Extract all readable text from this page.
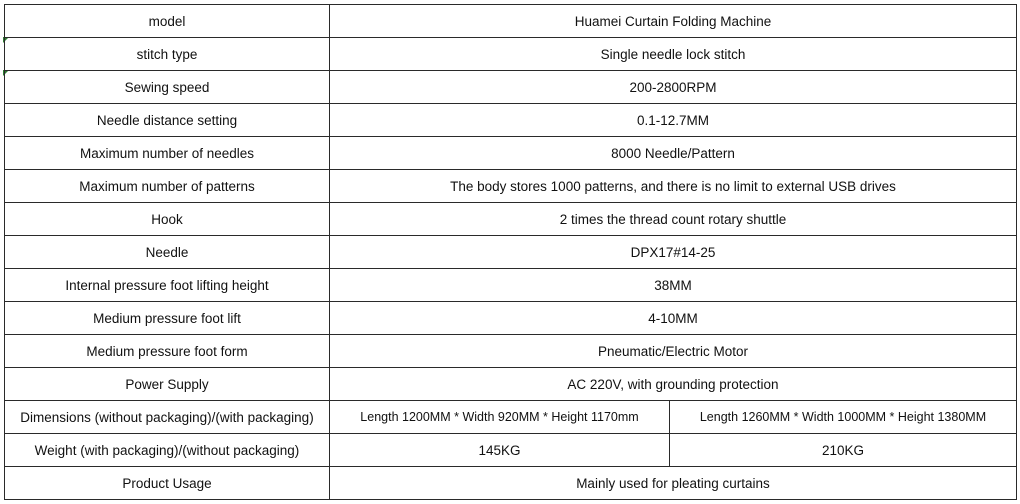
model	Huamei Curtain Folding Machine	
stitch type	Single needle lock stitch	
Sewing speed	200-2800RPM	
Needle distance setting	0.1-12.7MM	
Maximum number of needles	8000 Needle/Pattern	
Maximum number of patterns	The body stores 1000 patterns, and there is no limit to external USB drives	
Hook	2 times the thread count rotary shuttle	
Needle	DPX17#14-25	
Internal pressure foot lifting height	38MM	
Medium pressure foot lift	4-10MM	
Medium pressure foot form	Pneumatic/Electric Motor	
Power Supply	AC 220V, with grounding protection	
Dimensions (without packaging)/(with packaging)	Length 1200MM * Width 920MM * Height 1170mm	Length 1260MM * Width 1000MM * Height 1380MM
Weight (with packaging)/(without packaging)	145KG	210KG
Product Usage	Mainly used for pleating curtains	
